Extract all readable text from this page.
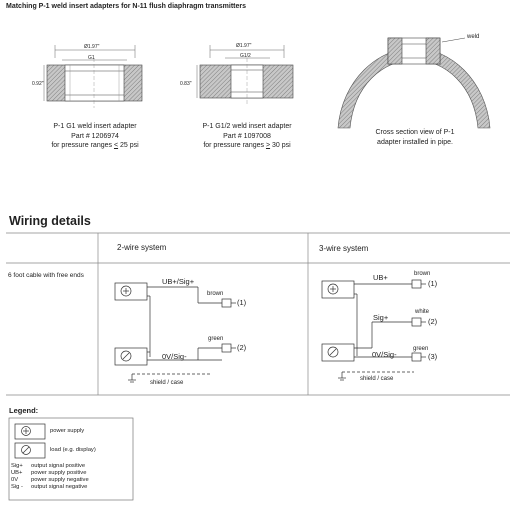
Matching P-1 weld insert adapters for N-11 flush diaphragm transmitters
Ø1.97"
G1
0.92"
P-1 G1 weld insert adapter
Part # 1206974
for pressure ranges < 25 psi
Ø1.97"
G1/2
0.83"
P-1 G1/2 weld insert adapter
Part # 1097008
for pressure ranges > 30 psi
weld
Cross section view of P-1
adapter installed in pipe.
Wiring details
2-wire system	3-wire system
6 foot cable with free ends
UB+/Sig+
0V/Sig-
brown
(1)
green
(2)
shield / case
UB+
Sig+
0V/Sig-
brown
(1)
white
(2)
green
(3)
shield / case
Legend:
power supply
load (e.g. display)
Sig+	output signal positive
UB+	power supply positive
0V	power supply negative
Sig -	output signal negative
